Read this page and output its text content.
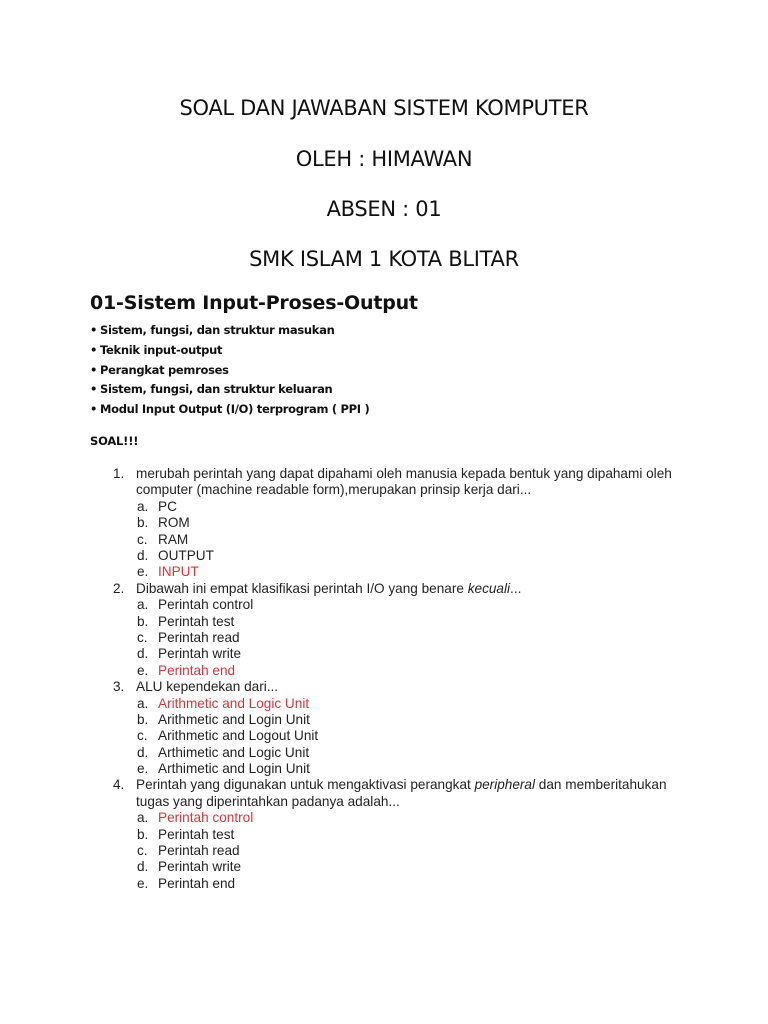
SOAL DAN JAWABAN SISTEM KOMPUTER
OLEH : HIMAWAN
ABSEN : 01
SMK ISLAM 1 KOTA BLITAR
01-Sistem Input-Proses-Output
• Sistem, fungsi, dan struktur masukan
• Teknik input-output
• Perangkat pemroses
• Sistem, fungsi, dan struktur keluaran
• Modul Input Output (I/O) terprogram ( PPI )
SOAL!!!
1. merubah perintah yang dapat dipahami oleh manusia kepada bentuk yang dipahami oleh computer (machine readable form),merupakan prinsip kerja dari...
a. PC
b. ROM
c. RAM
d. OUTPUT
e. INPUT
2. Dibawah ini empat klasifikasi perintah I/O yang benare kecuali...
a. Perintah control
b. Perintah test
c. Perintah read
d. Perintah write
e. Perintah end
3. ALU kependekan dari...
a. Arithmetic and Logic Unit
b. Arithmetic and Login Unit
c. Arithmetic and Logout Unit
d. Arthimetic and Logic Unit
e. Arthimetic and Login Unit
4. Perintah yang digunakan untuk mengaktivasi perangkat peripheral dan memberitahukan tugas yang diperintahkan padanya adalah...
a. Perintah control
b. Perintah test
c. Perintah read
d. Perintah write
e. Perintah end
